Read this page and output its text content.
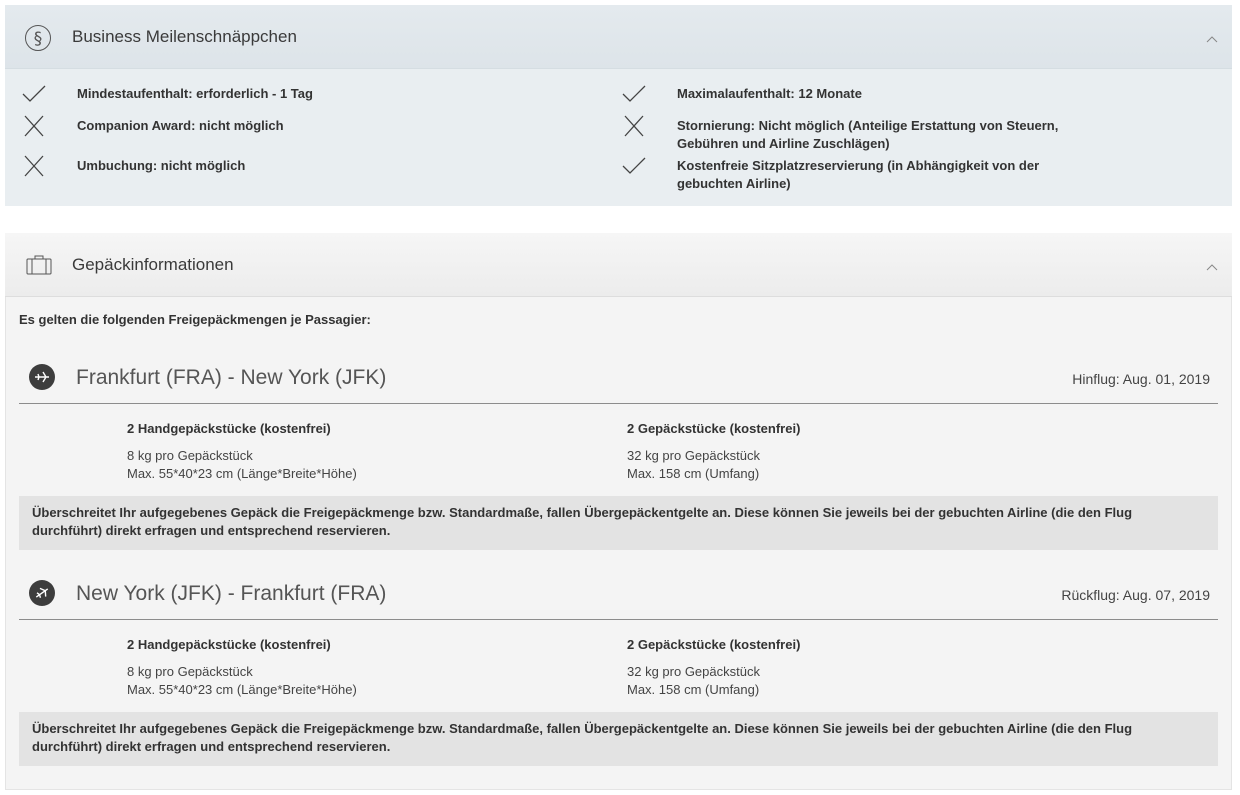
§ Business Meilenschnäppchen
Mindestaufenthalt: erforderlich - 1 Tag
Companion Award: nicht möglich
Umbuchung: nicht möglich
Maximalaufenthalt: 12 Monate
Stornierung: Nicht möglich (Anteilige Erstattung von Steuern, Gebühren und Airline Zuschlägen)
Kostenfreie Sitzplatzreservierung (in Abhängigkeit von der gebuchten Airline)
Gepäckinformationen
Es gelten die folgenden Freigepäckmengen je Passagier:
Frankfurt (FRA) - New York (JFK)	Hinflug: Aug. 01, 2019
2 Handgepäckstücke (kostenfrei)
8 kg pro Gepäckstück
Max. 55*40*23 cm (Länge*Breite*Höhe)
2 Gepäckstücke (kostenfrei)
32 kg pro Gepäckstück
Max. 158 cm (Umfang)
Überschreitet Ihr aufgegebenes Gepäck die Freigepäckmenge bzw. Standardmaße, fallen Übergepäckentgelte an. Diese können Sie jeweils bei der gebuchten Airline (die den Flug durchführt) direkt erfragen und entsprechend reservieren.
New York (JFK) - Frankfurt (FRA)	Rückflug: Aug. 07, 2019
2 Handgepäckstücke (kostenfrei)
8 kg pro Gepäckstück
Max. 55*40*23 cm (Länge*Breite*Höhe)
2 Gepäckstücke (kostenfrei)
32 kg pro Gepäckstück
Max. 158 cm (Umfang)
Überschreitet Ihr aufgegebenes Gepäck die Freigepäckmenge bzw. Standardmaße, fallen Übergepäckentgelte an. Diese können Sie jeweils bei der gebuchten Airline (die den Flug durchführt) direkt erfragen und entsprechend reservieren.
